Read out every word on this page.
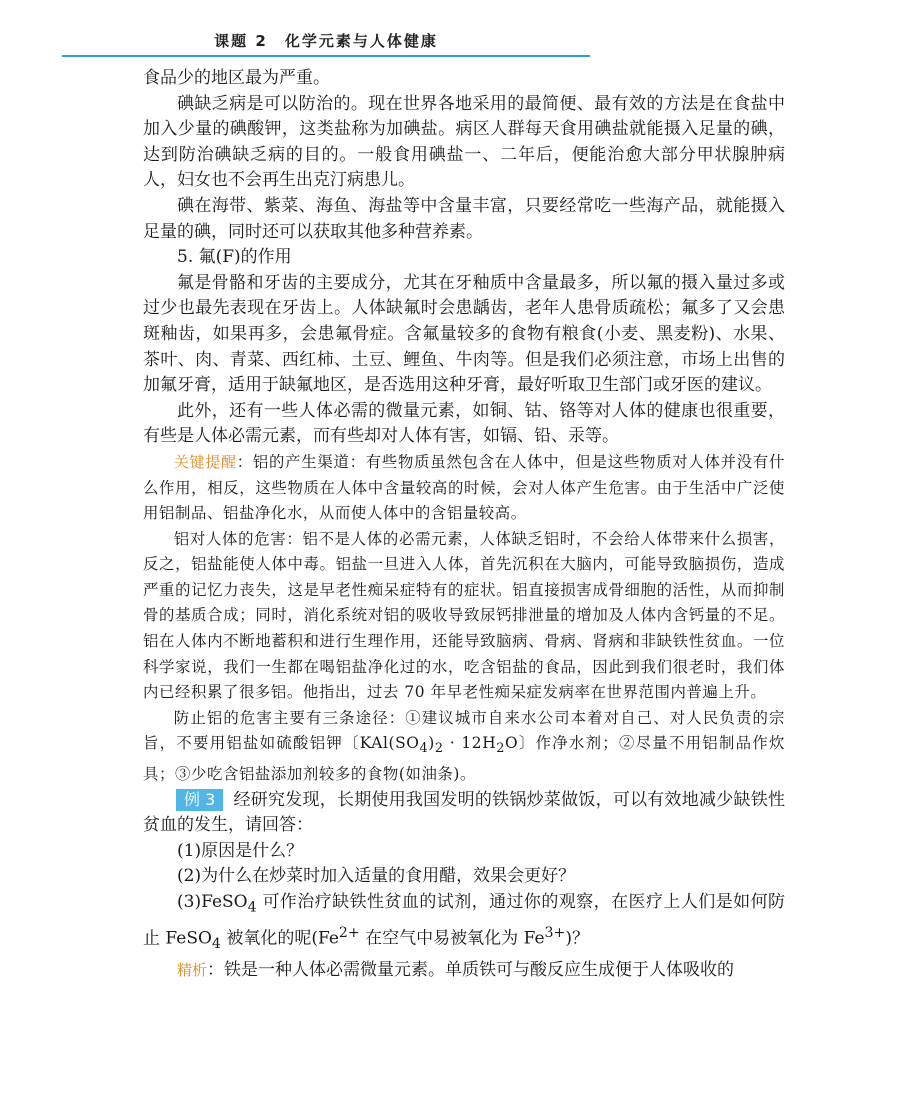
课题 2　化学元素与人体健康

食品少的地区最为严重。

碘缺乏病是可以防治的。现在世界各地采用的最简便、最有效的方法是在食盐中加入少量的碘酸钾，这类盐称为加碘盐。病区人群每天食用碘盐就能摄入足量的碘，达到防治碘缺乏病的目的。一般食用碘盐一、二年后，便能治愈大部分甲状腺肿病人，妇女也不会再生出克汀病患儿。

碘在海带、紫菜、海鱼、海盐等中含量丰富，只要经常吃一些海产品，就能摄入足量的碘，同时还可以获取其他多种营养素。

5. 氟(F)的作用

氟是骨骼和牙齿的主要成分，尤其在牙釉质中含量最多，所以氟的摄入量过多或过少也最先表现在牙齿上。人体缺氟时会患龋齿，老年人患骨质疏松；氟多了又会患斑釉齿，如果再多，会患氟骨症。含氟量较多的食物有粮食(小麦、黑麦粉)、水果、茶叶、肉、青菜、西红柿、土豆、鲤鱼、牛肉等。但是我们必须注意，市场上出售的加氟牙膏，适用于缺氟地区，是否选用这种牙膏，最好听取卫生部门或牙医的建议。

此外，还有一些人体必需的微量元素，如铜、钴、铬等对人体的健康也很重要，有些是人体必需元素，而有些却对人体有害，如镉、铅、汞等。

关键提醒：铝的产生渠道：有些物质虽然包含在人体中，但是这些物质对人体并没有什么作用，相反，这些物质在人体中含量较高的时候，会对人体产生危害。由于生活中广泛使用铝制品、铝盐净化水，从而使人体中的含铝量较高。

铝对人体的危害：铝不是人体的必需元素，人体缺乏铝时，不会给人体带来什么损害，反之，铝盐能使人体中毒。铝盐一旦进入人体，首先沉积在大脑内，可能导致脑损伤，造成严重的记忆力丧失，这是早老性痴呆症特有的症状。铝直接损害成骨细胞的活性，从而抑制骨的基质合成；同时，消化系统对铝的吸收导致尿钙排泄量的增加及人体内含钙量的不足。铝在人体内不断地蓄积和进行生理作用，还能导致脑病、骨病、肾病和非缺铁性贫血。一位科学家说，我们一生都在喝铝盐净化过的水，吃含铝盐的食品，因此到我们很老时，我们体内已经积累了很多铝。他指出，过去 70 年早老性痴呆症发病率在世界范围内普遍上升。

防止铝的危害主要有三条途径：①建议城市自来水公司本着对自己、对人民负责的宗旨，不要用铝盐如硫酸铝钾〔$KAl(SO_4)_2 \cdot 12H_2O$〕作净水剂；②尽量不用铝制品作炊具；③少吃含铝盐添加剂较多的食物(如油条)。

例 3 经研究发现，长期使用我国发明的铁锅炒菜做饭，可以有效地减少缺铁性贫血的发生，请回答：

(1)原因是什么？

(2)为什么在炒菜时加入适量的食用醋，效果会更好？

(3)FeSO$_4$ 可作治疗缺铁性贫血的试剂，通过你的观察，在医疗上人们是如何防止 FeSO$_4$ 被氧化的呢($Fe^{2+}$ 在空气中易被氧化为 $Fe^{3+}$)？

精析：铁是一种人体必需微量元素。单质铁可与酸反应生成便于人体吸收的
